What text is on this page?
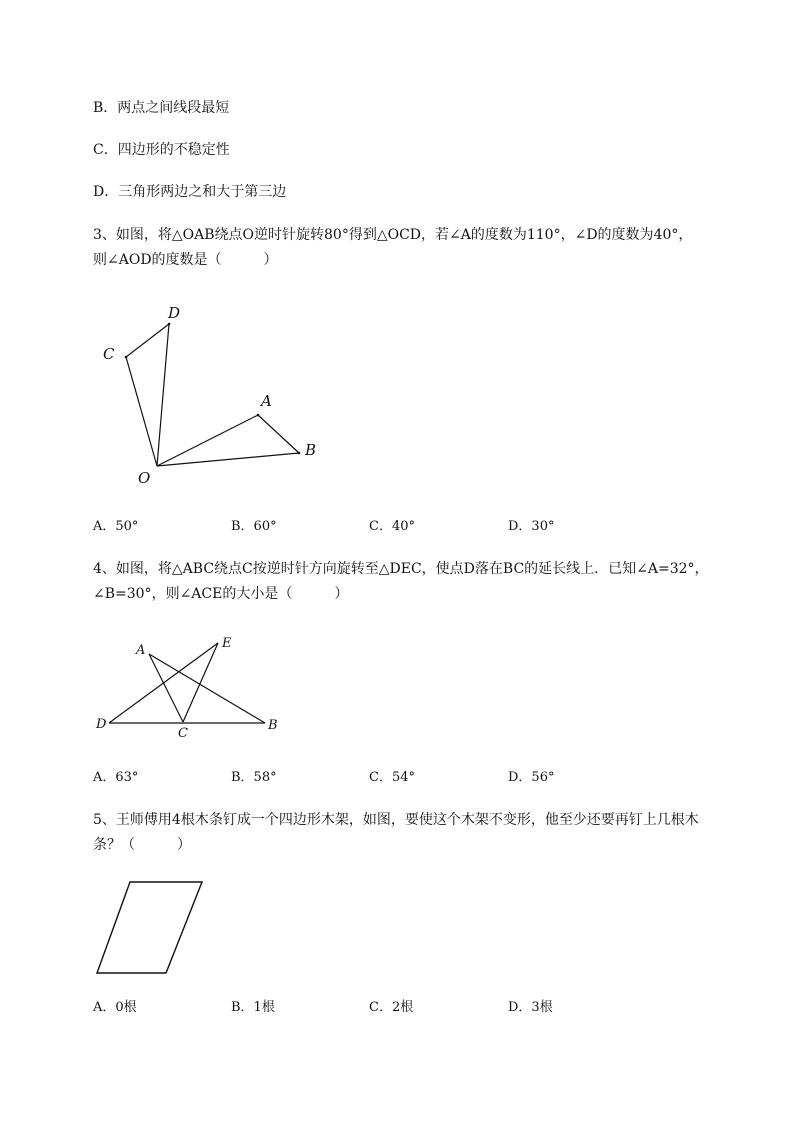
B．两点之间线段最短
C．四边形的不稳定性
D．三角形两边之和大于第三边
3、如图，将△OAB绕点O逆时针旋转80°得到△OCD，若∠A的度数为110°，∠D的度数为40°，
则∠AOD的度数是（　　　）
D
C
A
B
O
A．50°	B．60°	C．40°	D．30°
4、如图，将△ABC绕点C按逆时针方向旋转至△DEC，使点D落在BC的延长线上．已知∠A=32°，
∠B=30°，则∠ACE的大小是（　　　）
A	E
D
C
B
A．63°	B．58°	C．54°	D．56°
5、王师傅用4根木条钉成一个四边形木架，如图，要使这个木架不变形，他至少还要再钉上几根木
条？（　　　）
A．0根	B．1根	C．2根	D．3根
